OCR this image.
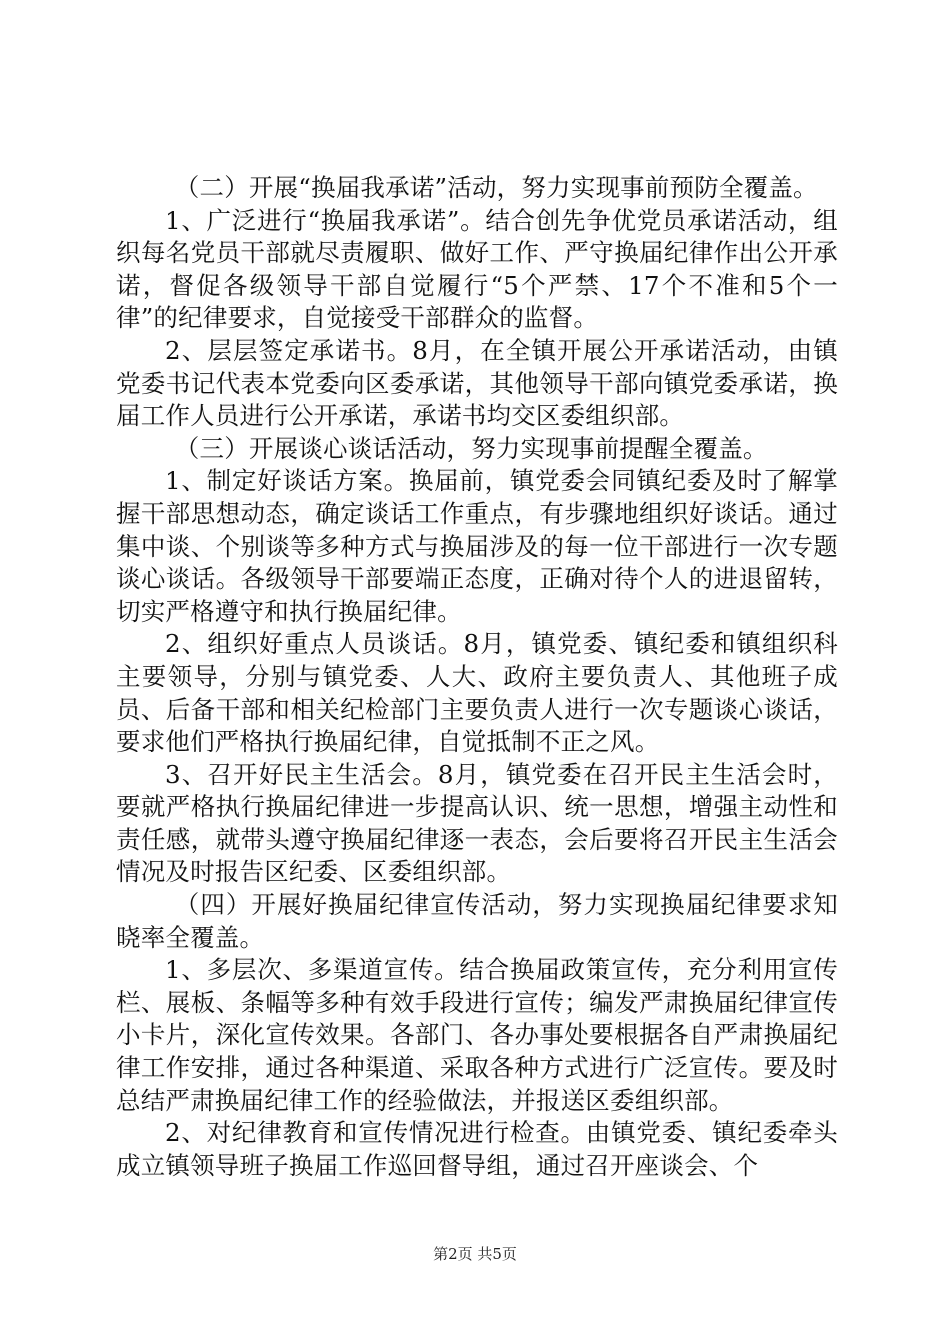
（二）开展“换届我承诺”活动，努力实现事前预防全覆盖。

1、广泛进行“换届我承诺”。结合创先争优党员承诺活动，组织每名党员干部就尽责履职、做好工作、严守换届纪律作出公开承诺，督促各级领导干部自觉履行“5个严禁、17个不准和5个一律”的纪律要求，自觉接受干部群众的监督。

2、层层签定承诺书。8月，在全镇开展公开承诺活动，由镇党委书记代表本党委向区委承诺，其他领导干部向镇党委承诺，换届工作人员进行公开承诺，承诺书均交区委组织部。

（三）开展谈心谈话活动，努力实现事前提醒全覆盖。

1、制定好谈话方案。换届前，镇党委会同镇纪委及时了解掌握干部思想动态，确定谈话工作重点，有步骤地组织好谈话。通过集中谈、个别谈等多种方式与换届涉及的每一位干部进行一次专题谈心谈话。各级领导干部要端正态度，正确对待个人的进退留转，切实严格遵守和执行换届纪律。

2、组织好重点人员谈话。8月，镇党委、镇纪委和镇组织科主要领导，分别与镇党委、人大、政府主要负责人、其他班子成员、后备干部和相关纪检部门主要负责人进行一次专题谈心谈话，要求他们严格执行换届纪律，自觉抵制不正之风。

3、召开好民主生活会。8月，镇党委在召开民主生活会时，要就严格执行换届纪律进一步提高认识、统一思想，增强主动性和责任感，就带头遵守换届纪律逐一表态，会后要将召开民主生活会情况及时报告区纪委、区委组织部。

（四）开展好换届纪律宣传活动，努力实现换届纪律要求知晓率全覆盖。

1、多层次、多渠道宣传。结合换届政策宣传，充分利用宣传栏、展板、条幅等多种有效手段进行宣传；编发严肃换届纪律宣传小卡片，深化宣传效果。各部门、各办事处要根据各自严肃换届纪律工作安排，通过各种渠道、采取各种方式进行广泛宣传。要及时总结严肃换届纪律工作的经验做法，并报送区委组织部。

2、对纪律教育和宣传情况进行检查。由镇党委、镇纪委牵头成立镇领导班子换届工作巡回督导组，通过召开座谈会、个

第2页 共5页
